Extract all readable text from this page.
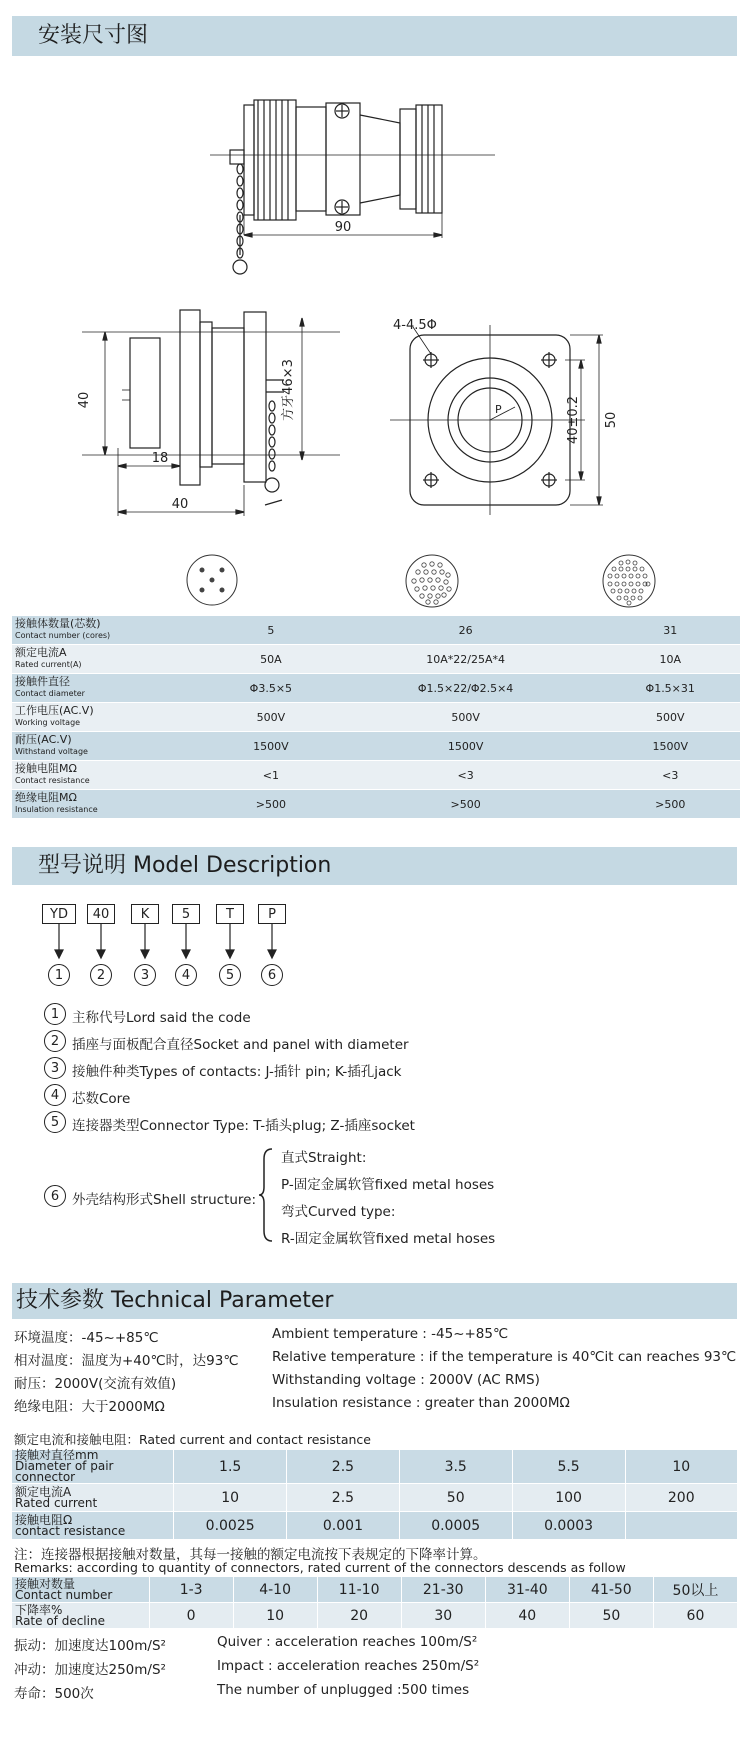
安装尺寸图
90
40	方牙46×3
18
40
4-4.5Φ
P	40±0.2 50
接触体数量(芯数)
Contact number (cores)	5	26	31

额定电流A
Rated current(A)	50A	10A*22/25A*4	10A

接触件直径
Contact diameter	Φ3.5×5	Φ1.5×22/Φ2.5×4	Φ1.5×31

工作电压(AC.V)
Working voltage	500V	500V	500V

耐压(AC.V)
Withstand voltage	1500V	1500V	1500V

接触电阻MΩ
Contact resistance	<1	<3	<3

绝缘电阻MΩ
Insulation resistance	>500	>500	>500
型号说明 Model Description
YD	40	K	5	T	P
1	2	3	4	5	6
1 主称代号Lord said the code
2 插座与面板配合直径Socket and panel with diameter
3 接触件种类Types of contacts: J-插针 pin; K-插孔jack
4 芯数Core
5 连接器类型Connector Type: T-插头plug; Z-插座socket
6 外壳结构形式Shell structure:
直式Straight:
P-固定金属软管fixed metal hoses
弯式Curved type:
R-固定金属软管fixed metal hoses
技术参数 Technical Parameter
环境温度：-45~+85℃
相对温度：温度为+40℃时，达93℃
耐压：2000V(交流有效值)
绝缘电阻：大于2000MΩ
Ambient temperature : -45~+85℃
Relative temperature : if the temperature is 40℃it can reaches 93℃
Withstanding voltage : 2000V (AC RMS)
Insulation resistance : greater than 2000MΩ
额定电流和接触电阻：Rated current and contact resistance
接触对直径mm
Diameter of pair connector	1.5	2.5	3.5	5.5	10

额定电流A
Rated current	10	2.5	50	100	200

接触电阻Ω
contact resistance	0.0025	0.001	0.0005	0.0003	
注：连接器根据接触对数量，其每一接触的额定电流按下表规定的下降率计算。
Remarks: according to quantity of connectors, rated current of the connectors descends as follow
接触对数量
Contact number	1-3	4-10	11-10	21-30	31-40	41-50	50以上

下降率%
Rate of decline	0	10	20	30	40	50	60
振动：加速度达100m/S²
冲动：加速度达250m/S²
寿命：500次
Quiver : acceleration reaches 100m/S²
Impact : acceleration reaches 250m/S²
The number of unplugged :500 times
